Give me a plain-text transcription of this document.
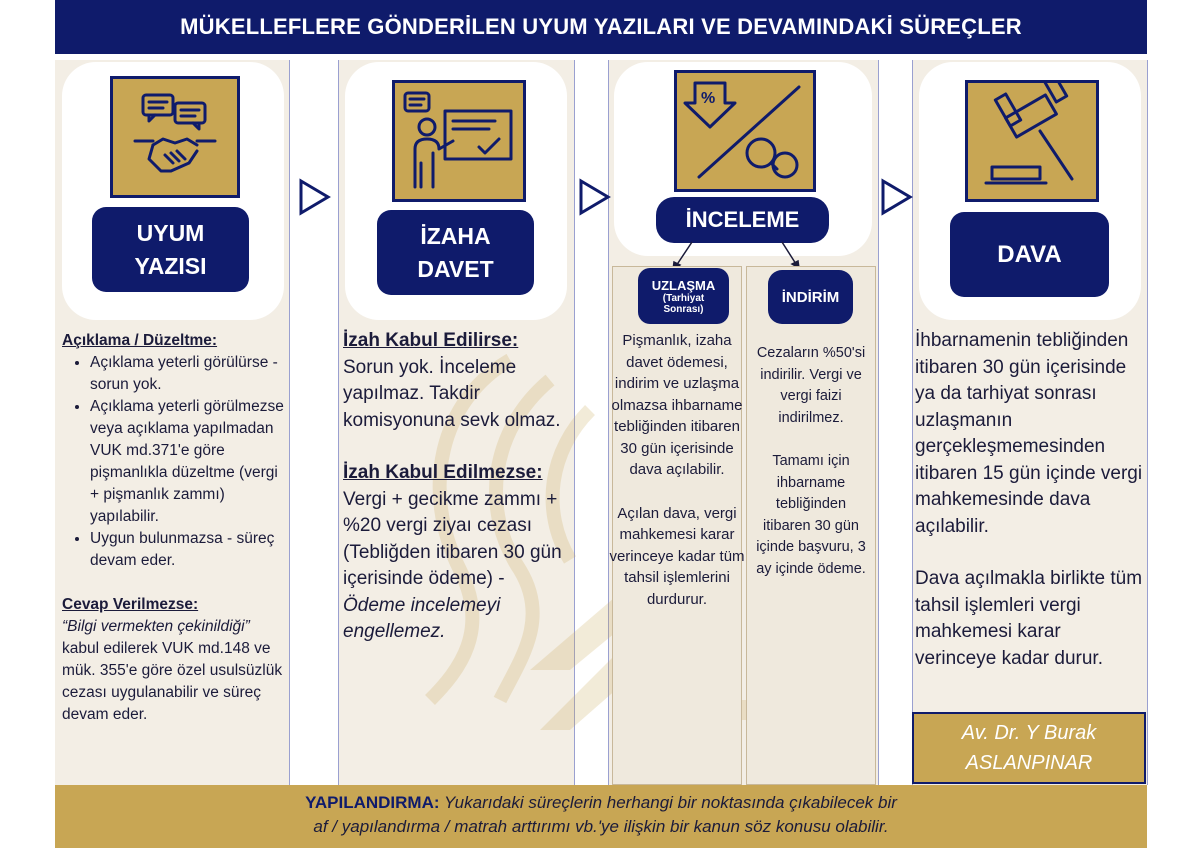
MÜKELLEFLERE GÖNDERİLEN UYUM YAZILARI VE DEVAMINDAKİ SÜREÇLER
UYUM
YAZISI
Açıklama / Düzeltme:
• Açıklama yeterli görülürse - sorun yok.
• Açıklama yeterli görülmezse veya açıklama yapılmadan VUK md.371'e göre pişmanlıkla düzeltme (vergi + pişmanlık zammı) yapılabilir.
• Uygun bulunmazsa - süreç devam eder.
Cevap Verilmezse:
“Bilgi vermekten çekinildiği” kabul edilerek VUK md.148 ve mük. 355'e göre özel usulsüzlük cezası uygulanabilir ve süreç devam eder.
İZAHA
DAVET
İzah Kabul Edilirse:
Sorun yok. İnceleme yapılmaz. Takdir komisyonuna sevk olmaz.
İzah Kabul Edilmezse:
Vergi + gecikme zammı + %20 vergi ziyaı cezası (Tebliğden itibaren 30 gün içerisinde ödeme) - Ödeme incelemeyi engellemez.
%
İNCELEME
UZLAŞMA
(Tarhiyat
Sonrası)
İNDİRİM
Pişmanlık, izaha davet ödemesi, indirim ve uzlaşma olmazsa ihbarname tebliğinden itibaren 30 gün içerisinde dava açılabilir.
Açılan dava, vergi mahkemesi karar verinceye kadar tüm tahsil işlemlerini durdurur.
Cezaların %50'si indirilir. Vergi ve vergi faizi indirilmez.
Tamamı için ihbarname tebliğinden itibaren 30 gün içinde başvuru, 3 ay içinde ödeme.
DAVA
İhbarnamenin tebliğinden itibaren 30 gün içerisinde ya da tarhiyat sonrası uzlaşmanın gerçekleşmemesinden itibaren 15 gün içinde vergi mahkemesinde dava açılabilir.
Dava açılmakla birlikte tüm tahsil işlemleri vergi mahkemesi karar verinceye kadar durur.
Av. Dr. Y Burak
ASLANPINAR
YAPILANDIRMA: Yukarıdaki süreçlerin herhangi bir noktasında çıkabilecek bir
af / yapılandırma / matrah arttırımı vb.'ye ilişkin bir kanun söz konusu olabilir.
